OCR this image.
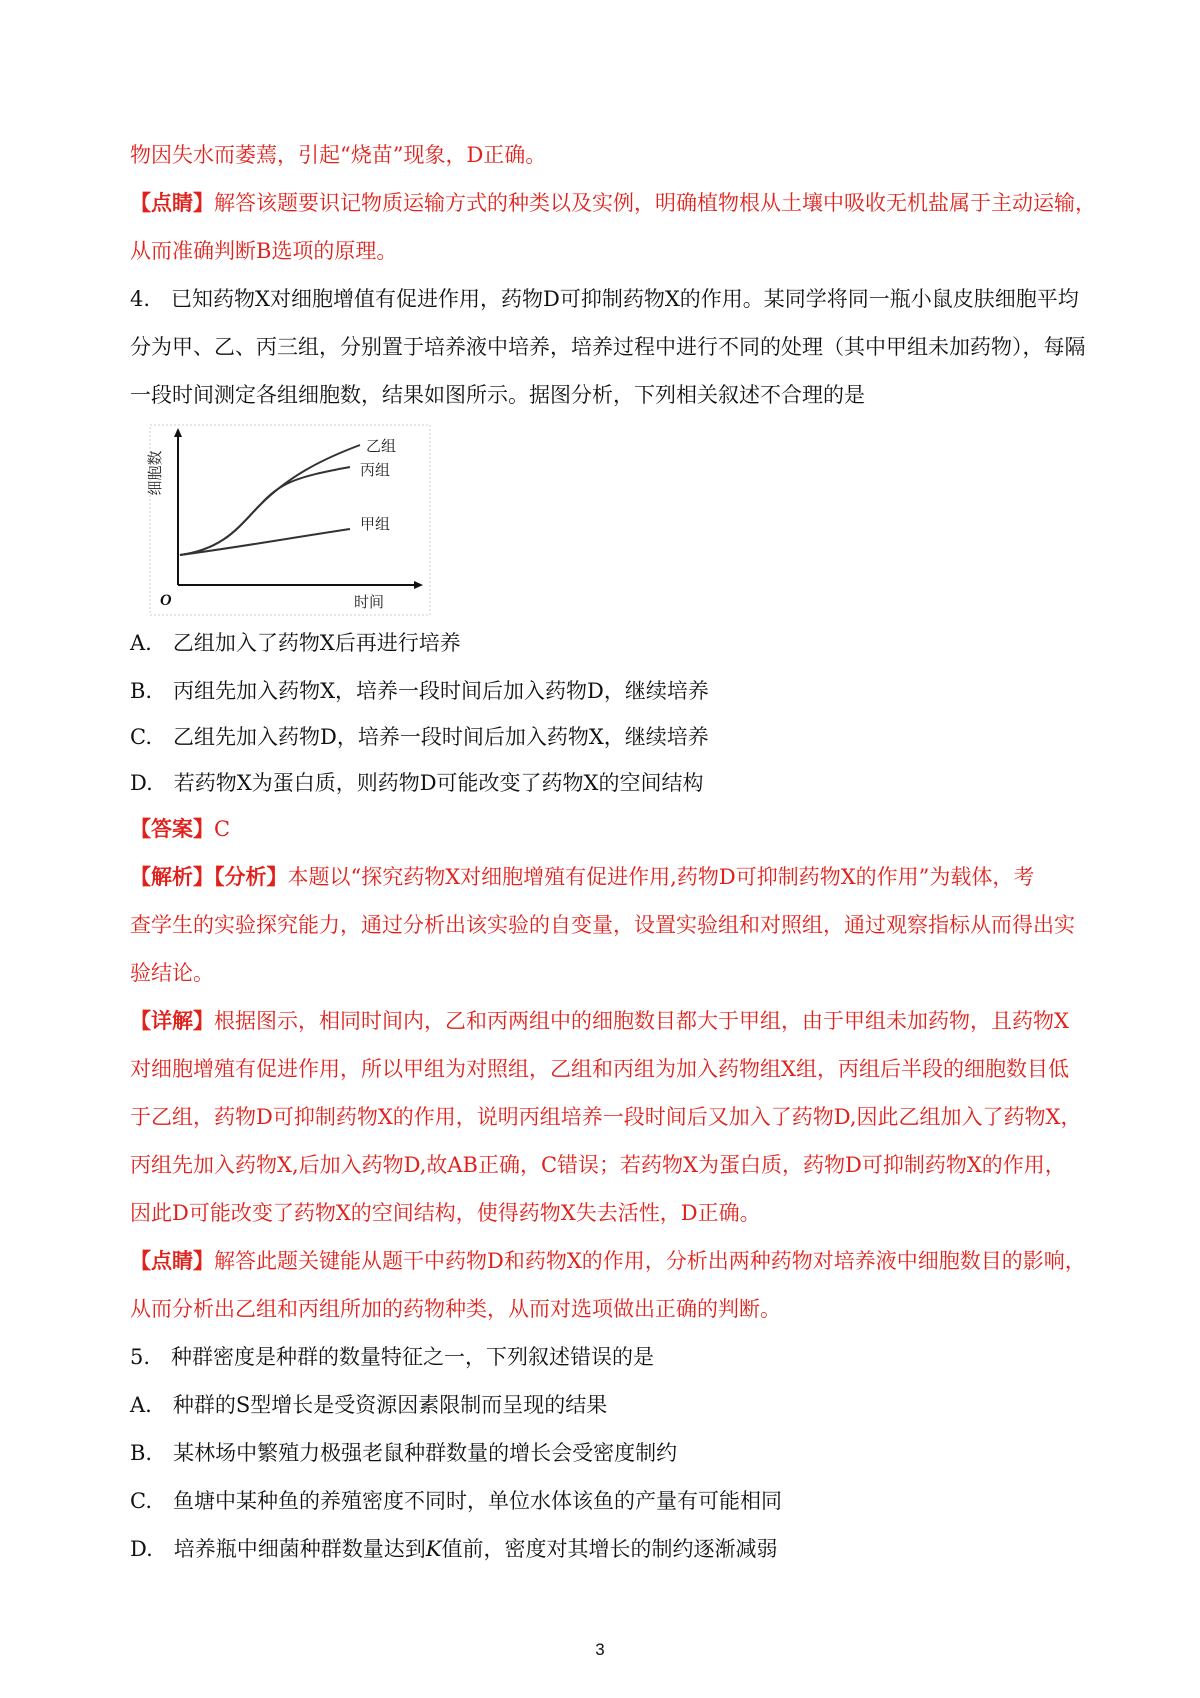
物因失水而萎蔫，引起“烧苗”现象，D正确。
【点睛】解答该题要识记物质运输方式的种类以及实例，明确植物根从土壤中吸收无机盐属于主动运输，
从而准确判断B选项的原理。
4.　已知药物X对细胞增值有促进作用，药物D可抑制药物X的作用。某同学将同一瓶小鼠皮肤细胞平均
分为甲、乙、丙三组，分别置于培养液中培养，培养过程中进行不同的处理（其中甲组未加药物），每隔
一段时间测定各组细胞数，结果如图所示。据图分析，下列相关叙述不合理的是
细胞数
时间
O
乙组
丙组
甲组
A.　乙组加入了药物X后再进行培养
B.　丙组先加入药物X，培养一段时间后加入药物D，继续培养
C.　乙组先加入药物D，培养一段时间后加入药物X，继续培养
D.　若药物X为蛋白质，则药物D可能改变了药物X的空间结构
【答案】C
【解析】【分析】本题以“探究药物X对细胞增殖有促进作用,药物D可抑制药物X的作用”为载体，考
查学生的实验探究能力，通过分析出该实验的自变量，设置实验组和对照组，通过观察指标从而得出实
验结论。
【详解】根据图示，相同时间内，乙和丙两组中的细胞数目都大于甲组，由于甲组未加药物，且药物X
对细胞增殖有促进作用，所以甲组为对照组，乙组和丙组为加入药物组X组，丙组后半段的细胞数目低
于乙组，药物D可抑制药物X的作用，说明丙组培养一段时间后又加入了药物D,因此乙组加入了药物X，
丙组先加入药物X,后加入药物D,故AB正确，C错误；若药物X为蛋白质，药物D可抑制药物X的作用，
因此D可能改变了药物X的空间结构，使得药物X失去活性，D正确。
【点睛】解答此题关键能从题干中药物D和药物X的作用，分析出两种药物对培养液中细胞数目的影响，
从而分析出乙组和丙组所加的药物种类，从而对选项做出正确的判断。
5.　种群密度是种群的数量特征之一，下列叙述错误的是
A.　种群的S型增长是受资源因素限制而呈现的结果
B.　某林场中繁殖力极强老鼠种群数量的增长会受密度制约
C.　鱼塘中某种鱼的养殖密度不同时，单位水体该鱼的产量有可能相同
D.　培养瓶中细菌种群数量达到K值前，密度对其增长的制约逐渐减弱
3
